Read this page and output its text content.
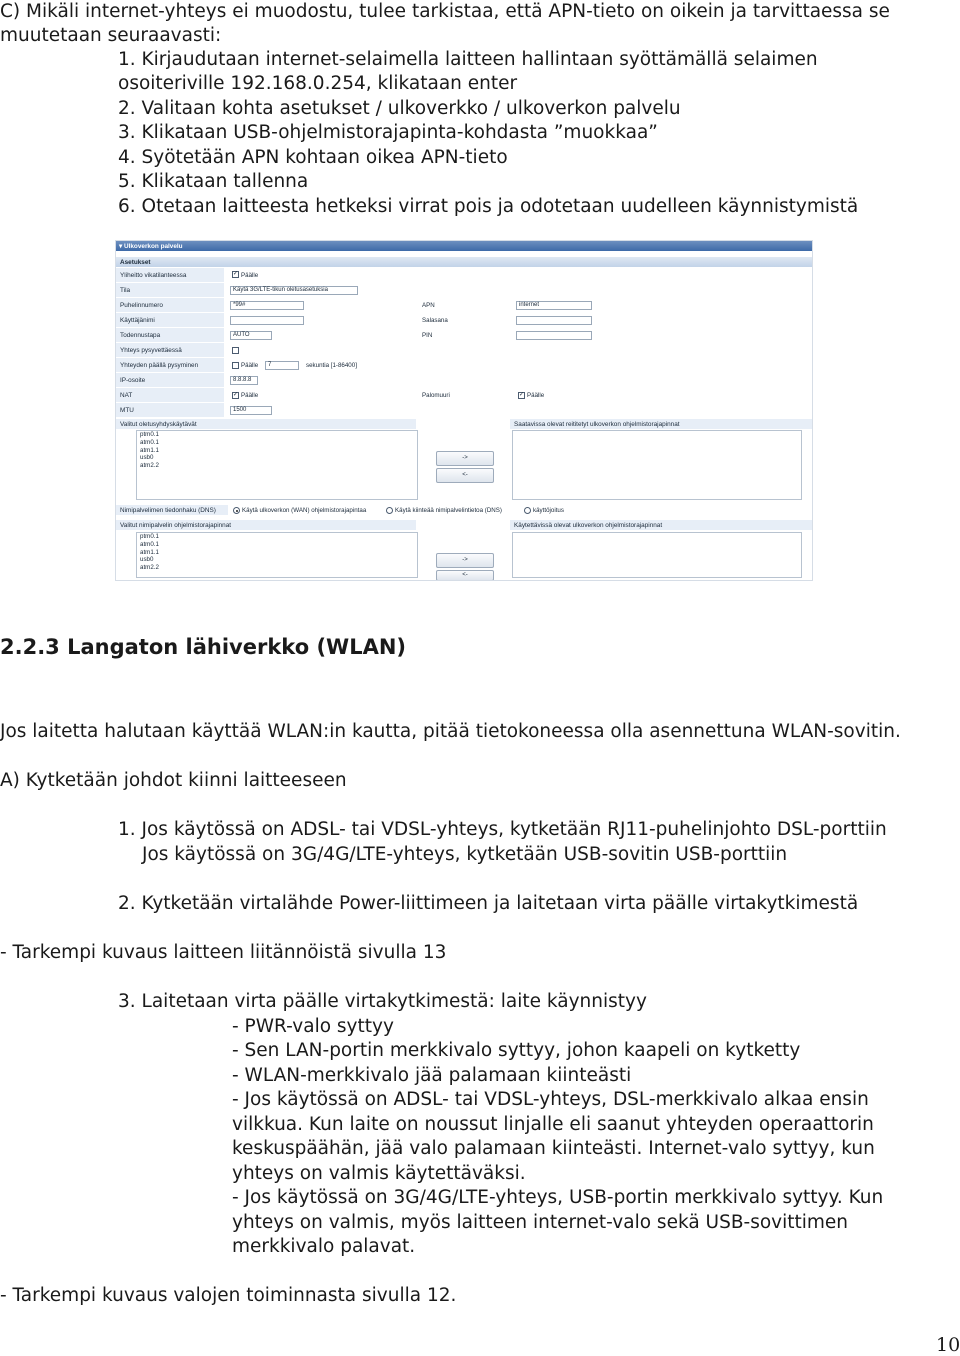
C) Mikäli internet-yhteys ei muodostu, tulee tarkistaa, että APN-tieto on oikein ja tarvittaessa se
muutetaan seuraavasti:
1. Kirjaudutaan internet-selaimella laitteen hallintaan syöttämällä selaimen
osoiteriville 192.168.0.254, klikataan enter
2. Valitaan kohta asetukset / ulkoverkko / ulkoverkon palvelu
3. Klikataan USB-ohjelmistorajapinta-kohdasta ”muokkaa”
4. Syötetään APN kohtaan oikea APN-tieto
5. Klikataan tallenna
6. Otetaan laitteesta hetkeksi virrat pois ja odotetaan uudelleen käynnistymistä
▾ Ulkoverkon palvelu
Asetukset
Yliheitto vikatilanteessa	✓ Päälle
Tila	Käytä 3G/LTE-tikun oletusasetuksia
Puhelinnumero	*99#	APN	internet
Käyttäjänimi	Salasana
Todennustapa	AUTO	PIN
Yhteys pysyvettäessä
Yhteyden päällä pysyminen	Päälle 7	sekuntia [1-86400]
IP-osoite	8.8.8.8
NAT	✓ Päälle	Palomuuri	✓ Päälle
MTU	1500
Valitut oletusyhdyskäytävät	Saatavissa olevat reititetyt ulkoverkon ohjelmistorajapinnat
ptm0.1
atm0.1
atm1.1
usb0
atm2.2
->
<-
Nimipalvelimen tiedonhaku (DNS)	Käytä ulkoverkon (WAN) ohjelmistorajapintaa	Käytä kiinteää nimipalvelintietoa (DNS)	käyttöjoitus
Valitut nimipalvelin ohjelmistorajapinnat	Käytettävissä olevat ulkoverkon ohjelmistorajapinnat
ptm0.1
atm0.1
atm1.1
usb0
atm2.2
->
<-
2.2.3 Langaton lähiverkko (WLAN)
Jos laitetta halutaan käyttää WLAN:in kautta, pitää tietokoneessa olla asennettuna WLAN-sovitin.
A) Kytketään johdot kiinni laitteeseen
1. Jos käytössä on ADSL- tai VDSL-yhteys, kytketään RJ11-puhelinjohto DSL-porttiin
Jos käytössä on 3G/4G/LTE-yhteys, kytketään USB-sovitin USB-porttiin
2. Kytketään virtalähde Power-liittimeen ja laitetaan virta päälle virtakytkimestä
- Tarkempi kuvaus laitteen liitännöistä sivulla 13
3. Laitetaan virta päälle virtakytkimestä: laite käynnistyy
- PWR-valo syttyy
- Sen LAN-portin merkkivalo syttyy, johon kaapeli on kytketty
- WLAN-merkkivalo jää palamaan kiinteästi
- Jos käytössä on ADSL- tai VDSL-yhteys, DSL-merkkivalo alkaa ensin
vilkkua. Kun laite on noussut linjalle eli saanut yhteyden operaattorin
keskuspäähän, jää valo palamaan kiinteästi. Internet-valo syttyy, kun
yhteys on valmis käytettäväksi.
- Jos käytössä on 3G/4G/LTE-yhteys, USB-portin merkkivalo syttyy. Kun
yhteys on valmis, myös laitteen internet-valo sekä USB-sovittimen
merkkivalo palavat.
- Tarkempi kuvaus valojen toiminnasta sivulla 12.
10
